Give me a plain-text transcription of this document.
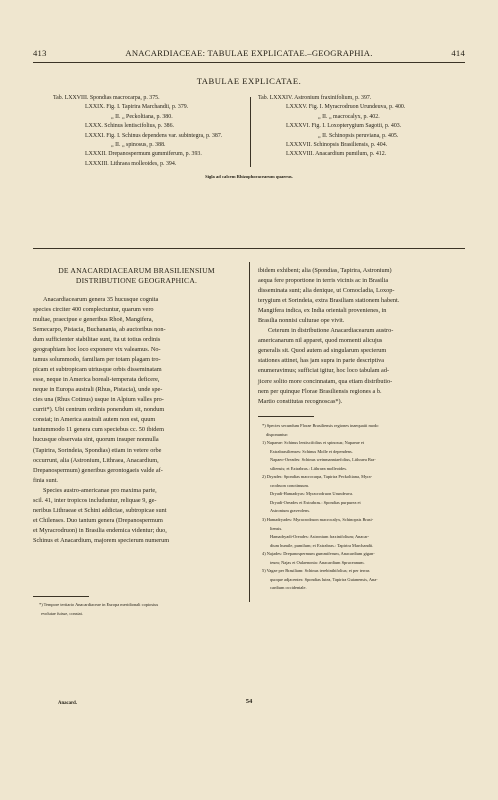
413	ANACARDIACEAE: TABULAE EXPLICATAE.–GEOGRAPHIA.	414
TABULAE EXPLICATAE.
Tab. LXXVIII. Spondias macrocarpa, p. 375.
LXXIX. Fig. I. Tapirira Marchandii, p. 379.
„ II. „ Peckoltiana, p. 380.
LXXX. Schinus lentiscifolius, p. 386.
LXXXI. Fig. I. Schinus dependens var. subintegra, p. 387.
„ II. „ spinosus, p. 388.
LXXXII. Drepanospermum gummiferum, p. 393.
LXXXIII. Lithraea molleoides, p. 394.
Tab. LXXXIV. Astronium fraxinifolium, p. 397.
LXXXV. Fig. I. Myracrodruon Urundeuva, p. 400.
„ II. „ macrocalyx, p. 402.
LXXXVI. Fig. I. Loxopterygium Sagotii, p. 403.
„ II. Schinopsis peruviana, p. 405.
LXXXVII. Schinopsis Brasiliensis, p. 404.
LXXXVIII. Anacardium pumilum, p. 412.
Sigla ad calcem Rhizophoracearum quaerus.
DE ANACARDIACEARUM BRASILIENSIUM
DISTRIBUTIONE GEOGRAPHICA.

Anacardiacearum genera 35 hucusque cognita

species circiter 400 complectuntur, quarum vero

multae, praecipue e generibus Rhoë, Mangifera,

Semecarpo, Pistacia, Buchanania, ab auctoribus non-

dum sufficienter stabilitae sunt, ita ut totius ordinis

geographiam hoc loco exponere vix valeamus. No-

tamus solummodo, familiam per totam plagam tro-

picam et subtropicam utriusque orbis disseminatam

esse, neque in America boreali-temperata deficere,

neque in Europa australi (Rhus, Pistacia), unde spe-

cies una (Rhus Cotinus) usque in Alpium valles pro-

currit*). Ubi centrum ordinis ponendum sit, nondum

constat; in America australi autem non est, quum

tantummodo 11 genera cum speciebus cc. 50 ibidem

hucusque observata sint, quorum insuper nonnulla

(Tapirira, Sorindeia, Spondias) etiam in vetere orbe

occurrunt, alia (Astronium, Lithraea, Anacardium,

Drepanospermum) generibus gerontogaeis valde af-

finia sunt.

Species austro-americanae pro maxima parte,

scil. 41, inter tropicos includuntur, reliquae 9, ge-

neribus Lithraeae et Schini addictae, subtropicae sunt

et Chilenses. Duo tantum genera (Drepanospermum

et Myracrodruon) in Brasilia endemica videntur; duo,

Schinus et Anacardium, majorem specierum numerum

*) Tempore tertiario Anacardiaceae in Europa meridionali copiosius
evolutae fuisse, constat.

ibidem exhibent; alia (Spondias, Tapirira, Astronium)

aequa fere proportione in terris vicinis ac in Brasilia

disseminata sunt; alia denique, ut Comocladia, Loxop-

terygium et Sorindeia, extra Brasiliam stationem habent.

Mangifera indica, ex India orientali provenienes, in

Brasilia nonnisi culturae ope vivit.

Ceterum in distributione Anacardiacearum austro-

americanarum nil apparet, quod momenti alicujus

generalis sit. Quod autem ad singularum specierum

stationes attinet, has jam supra in parte descriptiva

enumeravimus; sufficiat igitur, hoc loco tabulam ad-

jicere solito more concinnatam, qua etiam distributio-

nem per quinque Florae Brasiliensis regiones a b.

Martio constitutas recognoscas*).

*) Species secundum Florae Brasiliensis regiones inaequaiii modo
disponuntur:
1) Napaeae: Schinus lentiscifolius et spinosus; Napaeae et
Extrabrasilienses: Schinus Molle et dependens.
Napaeo-Oreades: Schinus weinmanniaefolius, Lithraea Bra-
siliensis; et Extrabras.: Lithraea molleoides.
2) Dryades: Spondias macrocarpa, Tapirira Peckoltiana, Myra-
crodruon conotinuum.
Dryadi-Hamadryas: Myracrodruon Urundeuva.
Dryadi-Oreades et Extrabras.: Spondias purpurea et
Astronium graveolens.
3) Hamadryades: Myracrodruon macrocalyx, Schinopsis Brasi-
liensis.
Hamadryadi-Oreades: Astronium fraxinifolium; Anacar-
dium humile, pumilum; et Extrabras.: Tapirira Marchandii.
4) Najades: Drepanospermum gummiferum, Anacardium gigan-
teum; Najas et Oulaenonia: Anacardium Spruceanum.
5) Vagae per Brasiliam: Schinus terebinthifolius; et per terras
quoque adjacentes: Spondias lutea, Tapirira Guianensis, Ana-
cardium occidentale.
Anacard.	54
